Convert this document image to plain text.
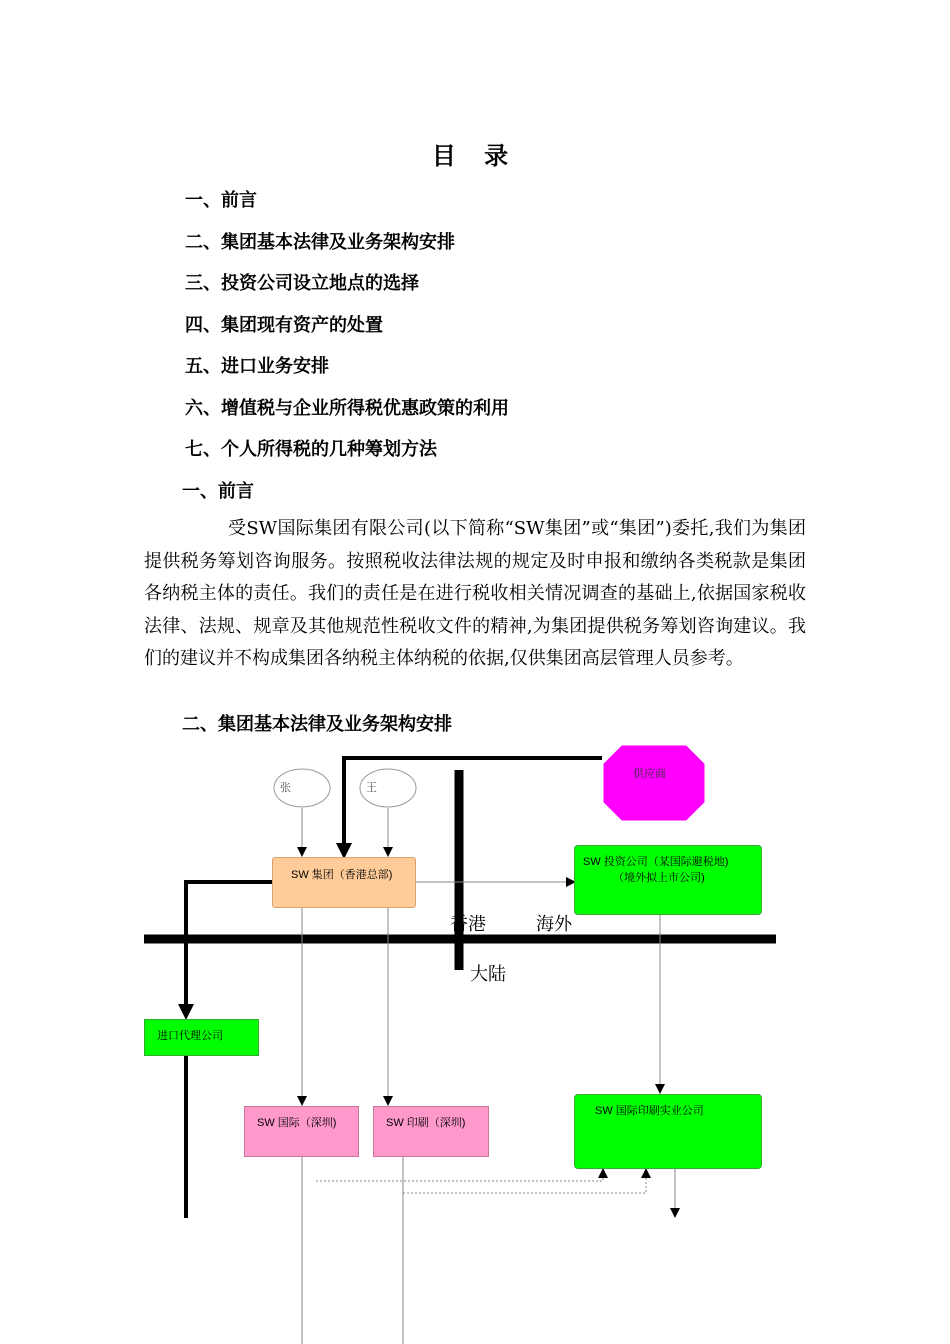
目 录
一、前言
二、集团基本法律及业务架构安排
三、投资公司设立地点的选择
四、集团现有资产的处置
五、进口业务安排
六、增值税与企业所得税优惠政策的利用
七、个人所得税的几种筹划方法
一、前言
受SW国际集团有限公司(以下简称“SW集团”或“集团”)委托,我们为集团提供税务筹划咨询服务。按照税收法律法规的规定及时申报和缴纳各类税款是集团各纳税主体的责任。我们的责任是在进行税收相关情况调查的基础上,依据国家税收法律、法规、规章及其他规范性税收文件的精神,为集团提供税务筹划咨询建议。我们的建议并不构成集团各纳税主体纳税的依据,仅供集团高层管理人员参考。
二、集团基本法律及业务架构安排
张	王
供应商
SW 集团（香港总部)
SW 投资公司（某国际避税地)
（境外拟上市公司)
香港	海外
大陆
进口代理公司
SW 国际（深圳)	SW 印刷（深圳)
SW 国际印刷实业公司
